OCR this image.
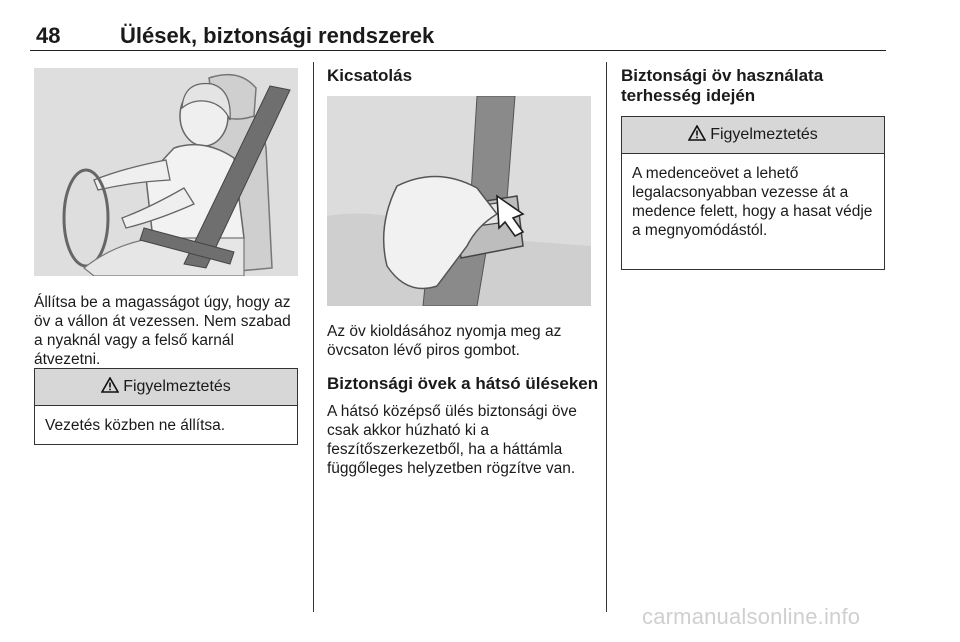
48	Ülések, biztonsági rendszerek
Állítsa be a magasságot úgy, hogy az öv a vállon át vezessen. Nem szabad a nyaknál vagy a felső karnál átvezetni.
Figyelmeztetés
Vezetés közben ne állítsa.
Kicsatolás
Az öv kioldásához nyomja meg az övcsaton lévő piros gombot.
Biztonsági övek a hátsó üléseken
A hátsó középső ülés biztonsági öve csak akkor húzható ki a feszítőszerkezetből, ha a háttámla függőleges helyzetben rögzítve van.
Biztonsági öv használata terhesség idején
Figyelmeztetés
A medenceövet a lehető legalacsonyabban vezesse át a medence felett, hogy a hasat védje a megnyomódástól.
carmanualsonline.info
